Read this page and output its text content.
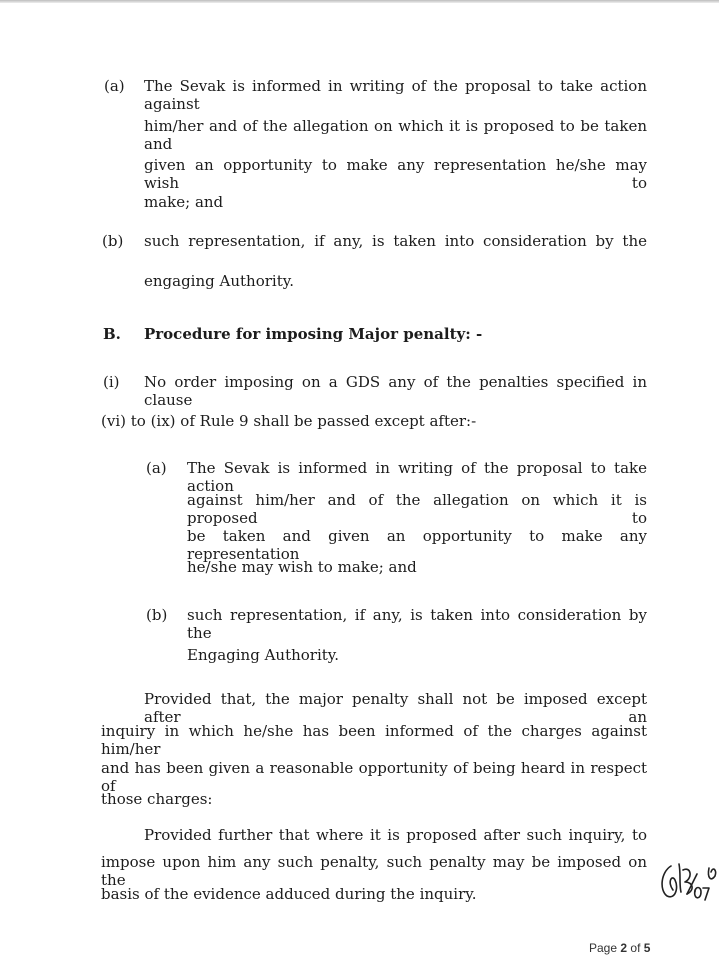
(a) The Sevak is informed in writing of the proposal to take action against
him/her and of the allegation on which it is proposed to be taken and
given an opportunity to make any representation he/she may wish to
make; and
(b) such representation, if any, is taken into consideration by the
engaging Authority.
B. Procedure for imposing Major penalty: -
(i) No order imposing on a GDS any of the penalties specified in clause
(vi) to (ix) of Rule 9 shall be passed except after:-
(a) The Sevak is informed in writing of the proposal to take action
against him/her and of the allegation on which it is proposed to
be taken and given an opportunity to make any representation
he/she may wish to make; and
(b) such representation, if any, is taken into consideration by the
Engaging Authority.
Provided that, the major penalty shall not be imposed except after an
inquiry in which he/she has been informed of the charges against him/her
and has been given a reasonable opportunity of being heard in respect of
those charges:
Provided further that where it is proposed after such inquiry, to
impose upon him any such penalty, such penalty may be imposed on the
basis of the evidence adduced during the inquiry.
Page 2 of 5
